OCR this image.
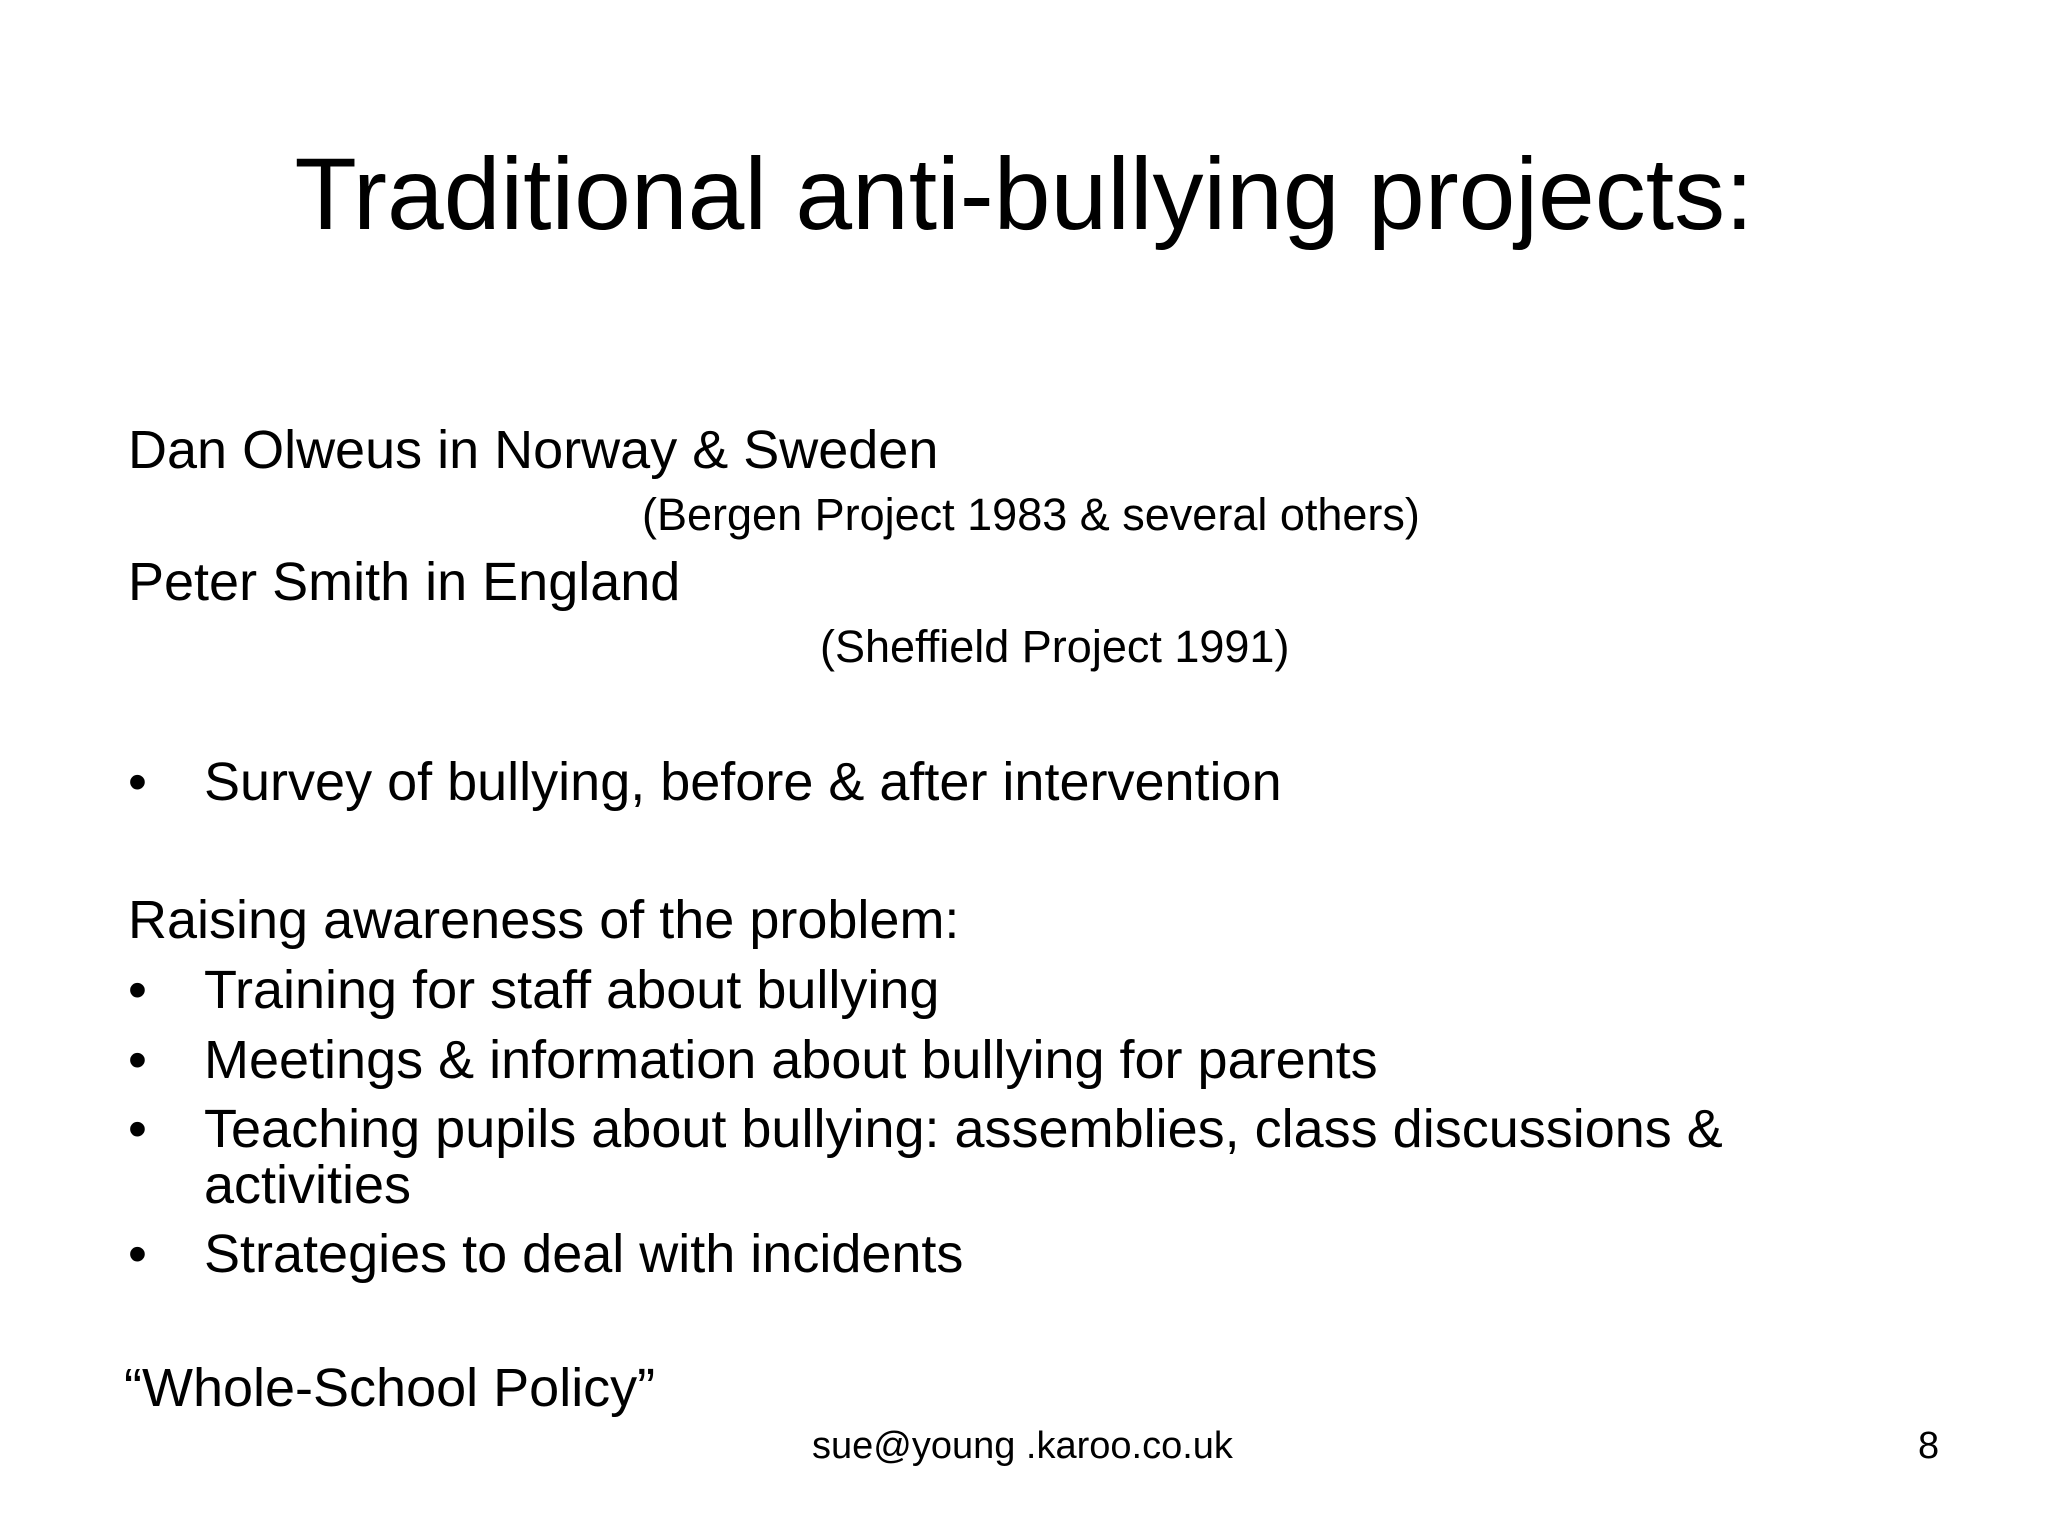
Traditional anti-bullying projects:
Dan Olweus in Norway & Sweden
(Bergen Project 1983 & several others)
Peter Smith in England
(Sheffield Project 1991)
• Survey of bullying, before & after intervention
Raising awareness of the problem:
• Training for staff about bullying
• Meetings & information about bullying for parents
• Teaching pupils about bullying: assemblies, class discussions & activities
• Strategies to deal with incidents
“Whole-School Policy”
sue@young .karoo.co.uk	8
